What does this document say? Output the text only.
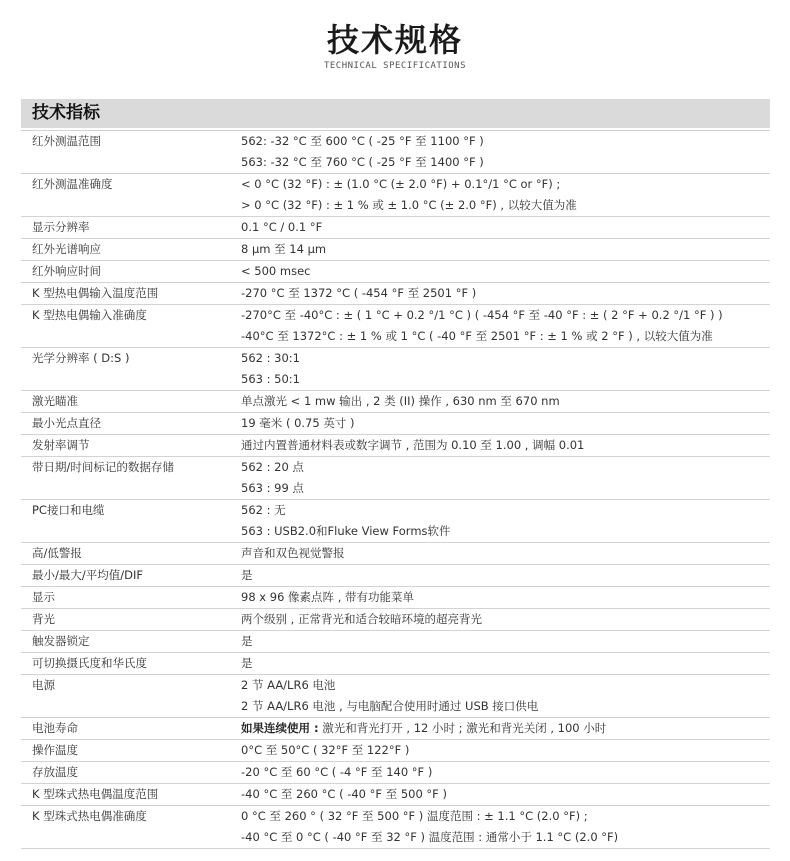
技术规格
TECHNICAL SPECIFICATIONS
技术指标
红外测温范围	562: -32 °C 至 600 °C ( -25 °F 至 1100 °F )
563: -32 °C 至 760 °C ( -25 °F 至 1400 °F )
红外测温准确度	< 0 °C (32 °F) : ± (1.0 °C (± 2.0 °F) + 0.1°/1 °C or °F) ;
> 0 °C (32 °F) : ± 1 % 或 ± 1.0 °C (± 2.0 °F) , 以较大值为准
显示分辨率	0.1 °C / 0.1 °F
红外光谱响应	8 µm 至 14 µm
红外响应时间	< 500 msec
K 型热电偶输入温度范围	-270 °C 至 1372 °C ( -454 °F 至 2501 °F )
K 型热电偶输入准确度	-270°C 至 -40°C : ± ( 1 °C + 0.2 °/1 °C ) ( -454 °F 至 -40 °F : ± ( 2 °F + 0.2 °/1 °F ) )
-40°C 至 1372°C : ± 1 % 或 1 °C ( -40 °F 至 2501 °F : ± 1 % 或 2 °F ) , 以较大值为准
光学分辨率 ( D:S )	562 : 30:1
563 : 50:1
激光瞄准	单点激光 < 1 mw 输出 , 2 类 (II) 操作 , 630 nm 至 670 nm
最小光点直径	19 毫米 ( 0.75 英寸 )
发射率调节	通过内置普通材料表或数字调节 , 范围为 0.10 至 1.00 , 调幅 0.01
带日期/时间标记的数据存储	562 : 20 点
563 : 99 点
PC接口和电缆	562 : 无
563 : USB2.0和Fluke View Forms软件
高/低警报	声音和双色视觉警报
最小/最大/平均值/DIF	是
显示	98 x 96 像素点阵 , 带有功能菜单
背光	两个级别 , 正常背光和适合较暗环境的超亮背光
触发器锁定	是
可切换摄氏度和华氏度	是
电源	2 节 AA/LR6 电池
2 节 AA/LR6 电池 , 与电脑配合使用时通过 USB 接口供电
电池寿命	如果连续使用 : 激光和背光打开 , 12 小时 ; 激光和背光关闭 , 100 小时
操作温度	0°C 至 50°C ( 32°F 至 122°F )
存放温度	-20 °C 至 60 °C ( -4 °F 至 140 °F )
K 型珠式热电偶温度范围	-40 °C 至 260 °C ( -40 °F 至 500 °F )
K 型珠式热电偶准确度	0 °C 至 260 ° ( 32 °F 至 500 °F ) 温度范围 : ± 1.1 °C (2.0 °F) ;
-40 °C 至 0 °C ( -40 °F 至 32 °F ) 温度范围 : 通常小于 1.1 °C (2.0 °F)
